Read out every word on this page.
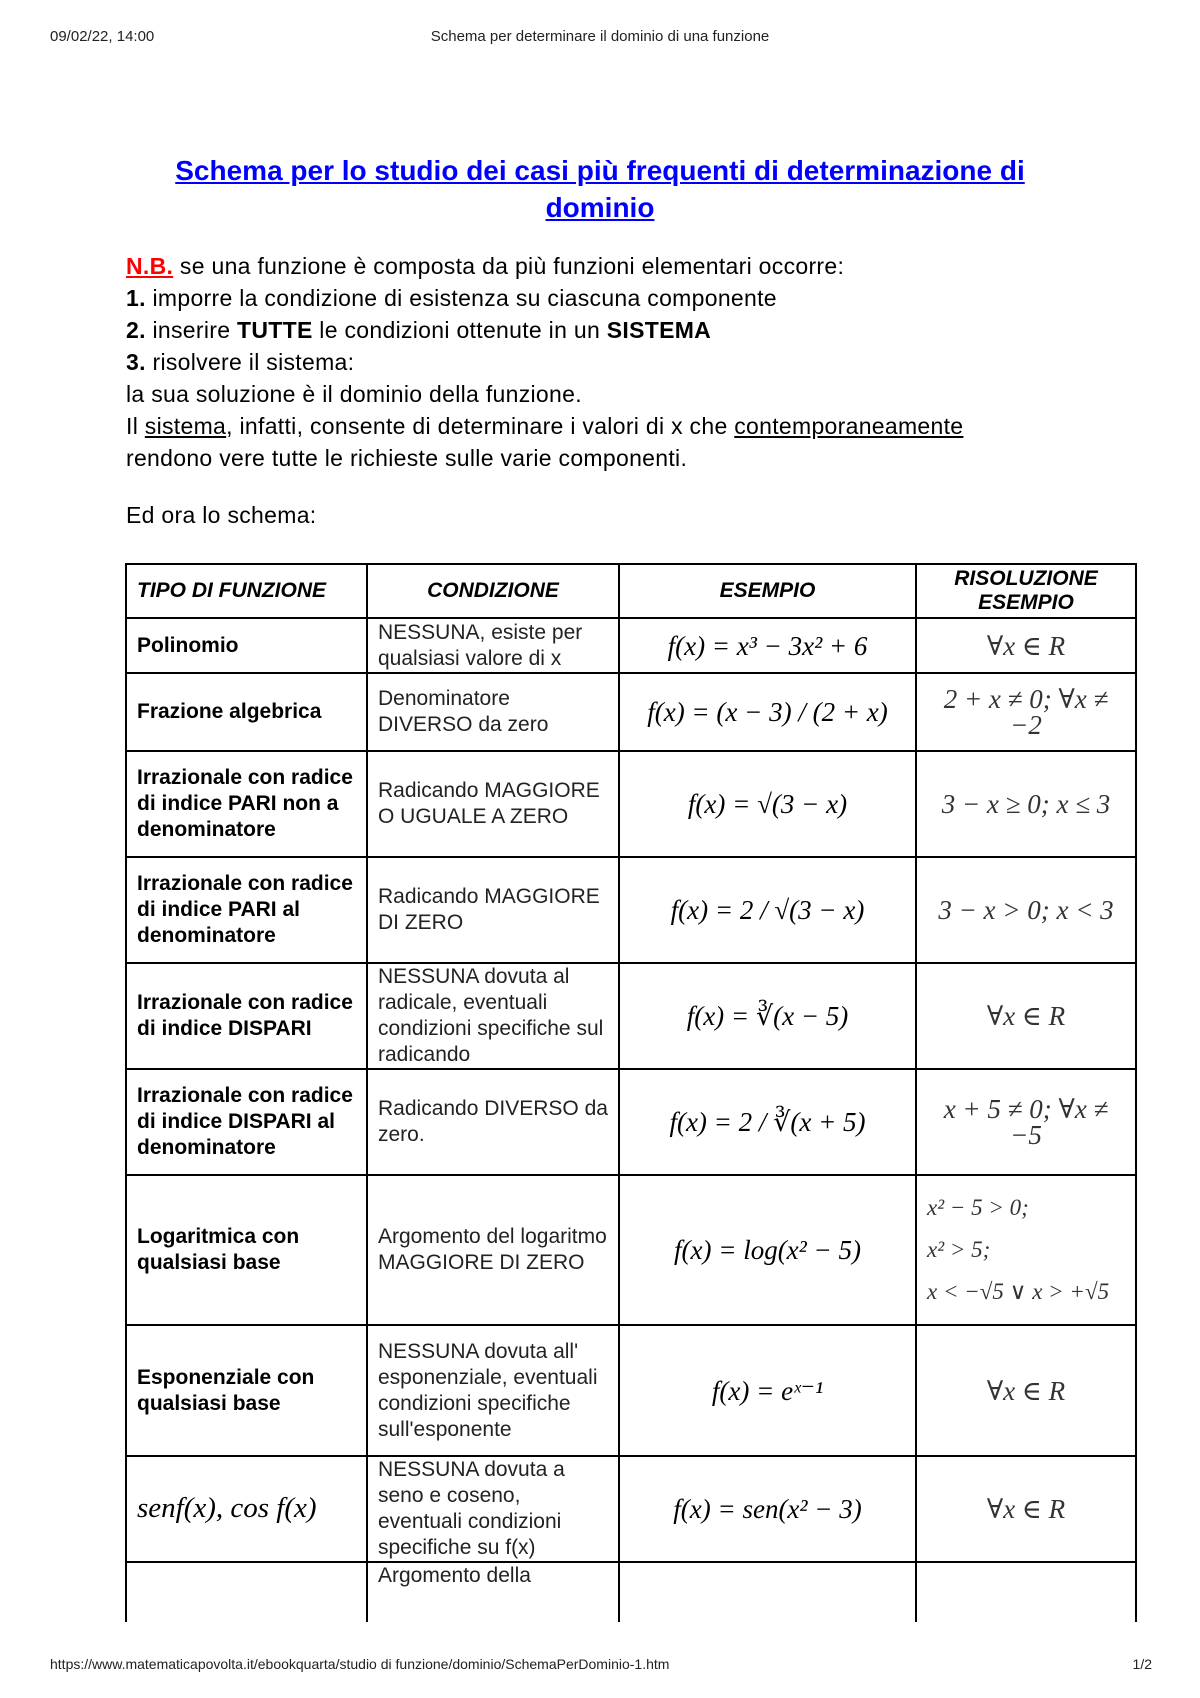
09/02/22, 14:00	Schema per determinare il dominio di una funzione
Schema per lo studio dei casi più frequenti di determinazione di dominio

N.B. se una funzione è composta da più funzioni elementari occorre:

1. imporre la condizione di esistenza su ciascuna componente

2. inserire TUTTE le condizioni ottenute in un SISTEMA

3. risolvere il sistema:

la sua soluzione è il dominio della funzione.

Il sistema, infatti, consente di determinare i valori di x che contemporaneamente

rendono vere tutte le richieste sulle varie componenti.

Ed ora lo schema:

TIPO DI FUNZIONE	CONDIZIONE	ESEMPIO	RISOLUZIONE ESEMPIO
Polinomio	NESSUNA, esiste per qualsiasi valore di x	f(x) = x³ − 3x² + 6	∀x ∈ R
Frazione algebrica	Denominatore DIVERSO da zero	f(x) = (x − 3) / (2 + x)	2 + x ≠ 0; ∀x ≠ −2
Irrazionale con radice di indice PARI non a denominatore	Radicando MAGGIORE O UGUALE A ZERO	f(x) = √(3 − x)	3 − x ≥ 0; x ≤ 3
Irrazionale con radice di indice PARI al denominatore	Radicando MAGGIORE DI ZERO	f(x) = 2 / √(3 − x)	3 − x > 0; x < 3
Irrazionale con radice di indice DISPARI	NESSUNA dovuta al radicale, eventuali condizioni specifiche sul radicando	f(x) = ∛(x − 5)	∀x ∈ R
Irrazionale con radice di indice DISPARI al denominatore	Radicando DIVERSO da zero.	f(x) = 2 / ∛(x + 5)	x + 5 ≠ 0; ∀x ≠ −5
Logaritmica con qualsiasi base	Argomento del logaritmo MAGGIORE DI ZERO	f(x) = log(x² − 5)	x² − 5 > 0;
x² > 5;
x < −√5 ∨ x > +√5

Esponenziale con qualsiasi base	NESSUNA dovuta all' esponenziale, eventuali condizioni specifiche sull'esponente	f(x) = eˣ⁻¹	∀x ∈ R
senf(x), cos f(x)	NESSUNA dovuta a seno e coseno, eventuali condizioni specifiche su f(x)	f(x) = sen(x² − 3)	∀x ∈ R
	Argomento della		
https://www.matematicapovolta.it/ebookquarta/studio di funzione/dominio/SchemaPerDominio-1.htm	1/2
